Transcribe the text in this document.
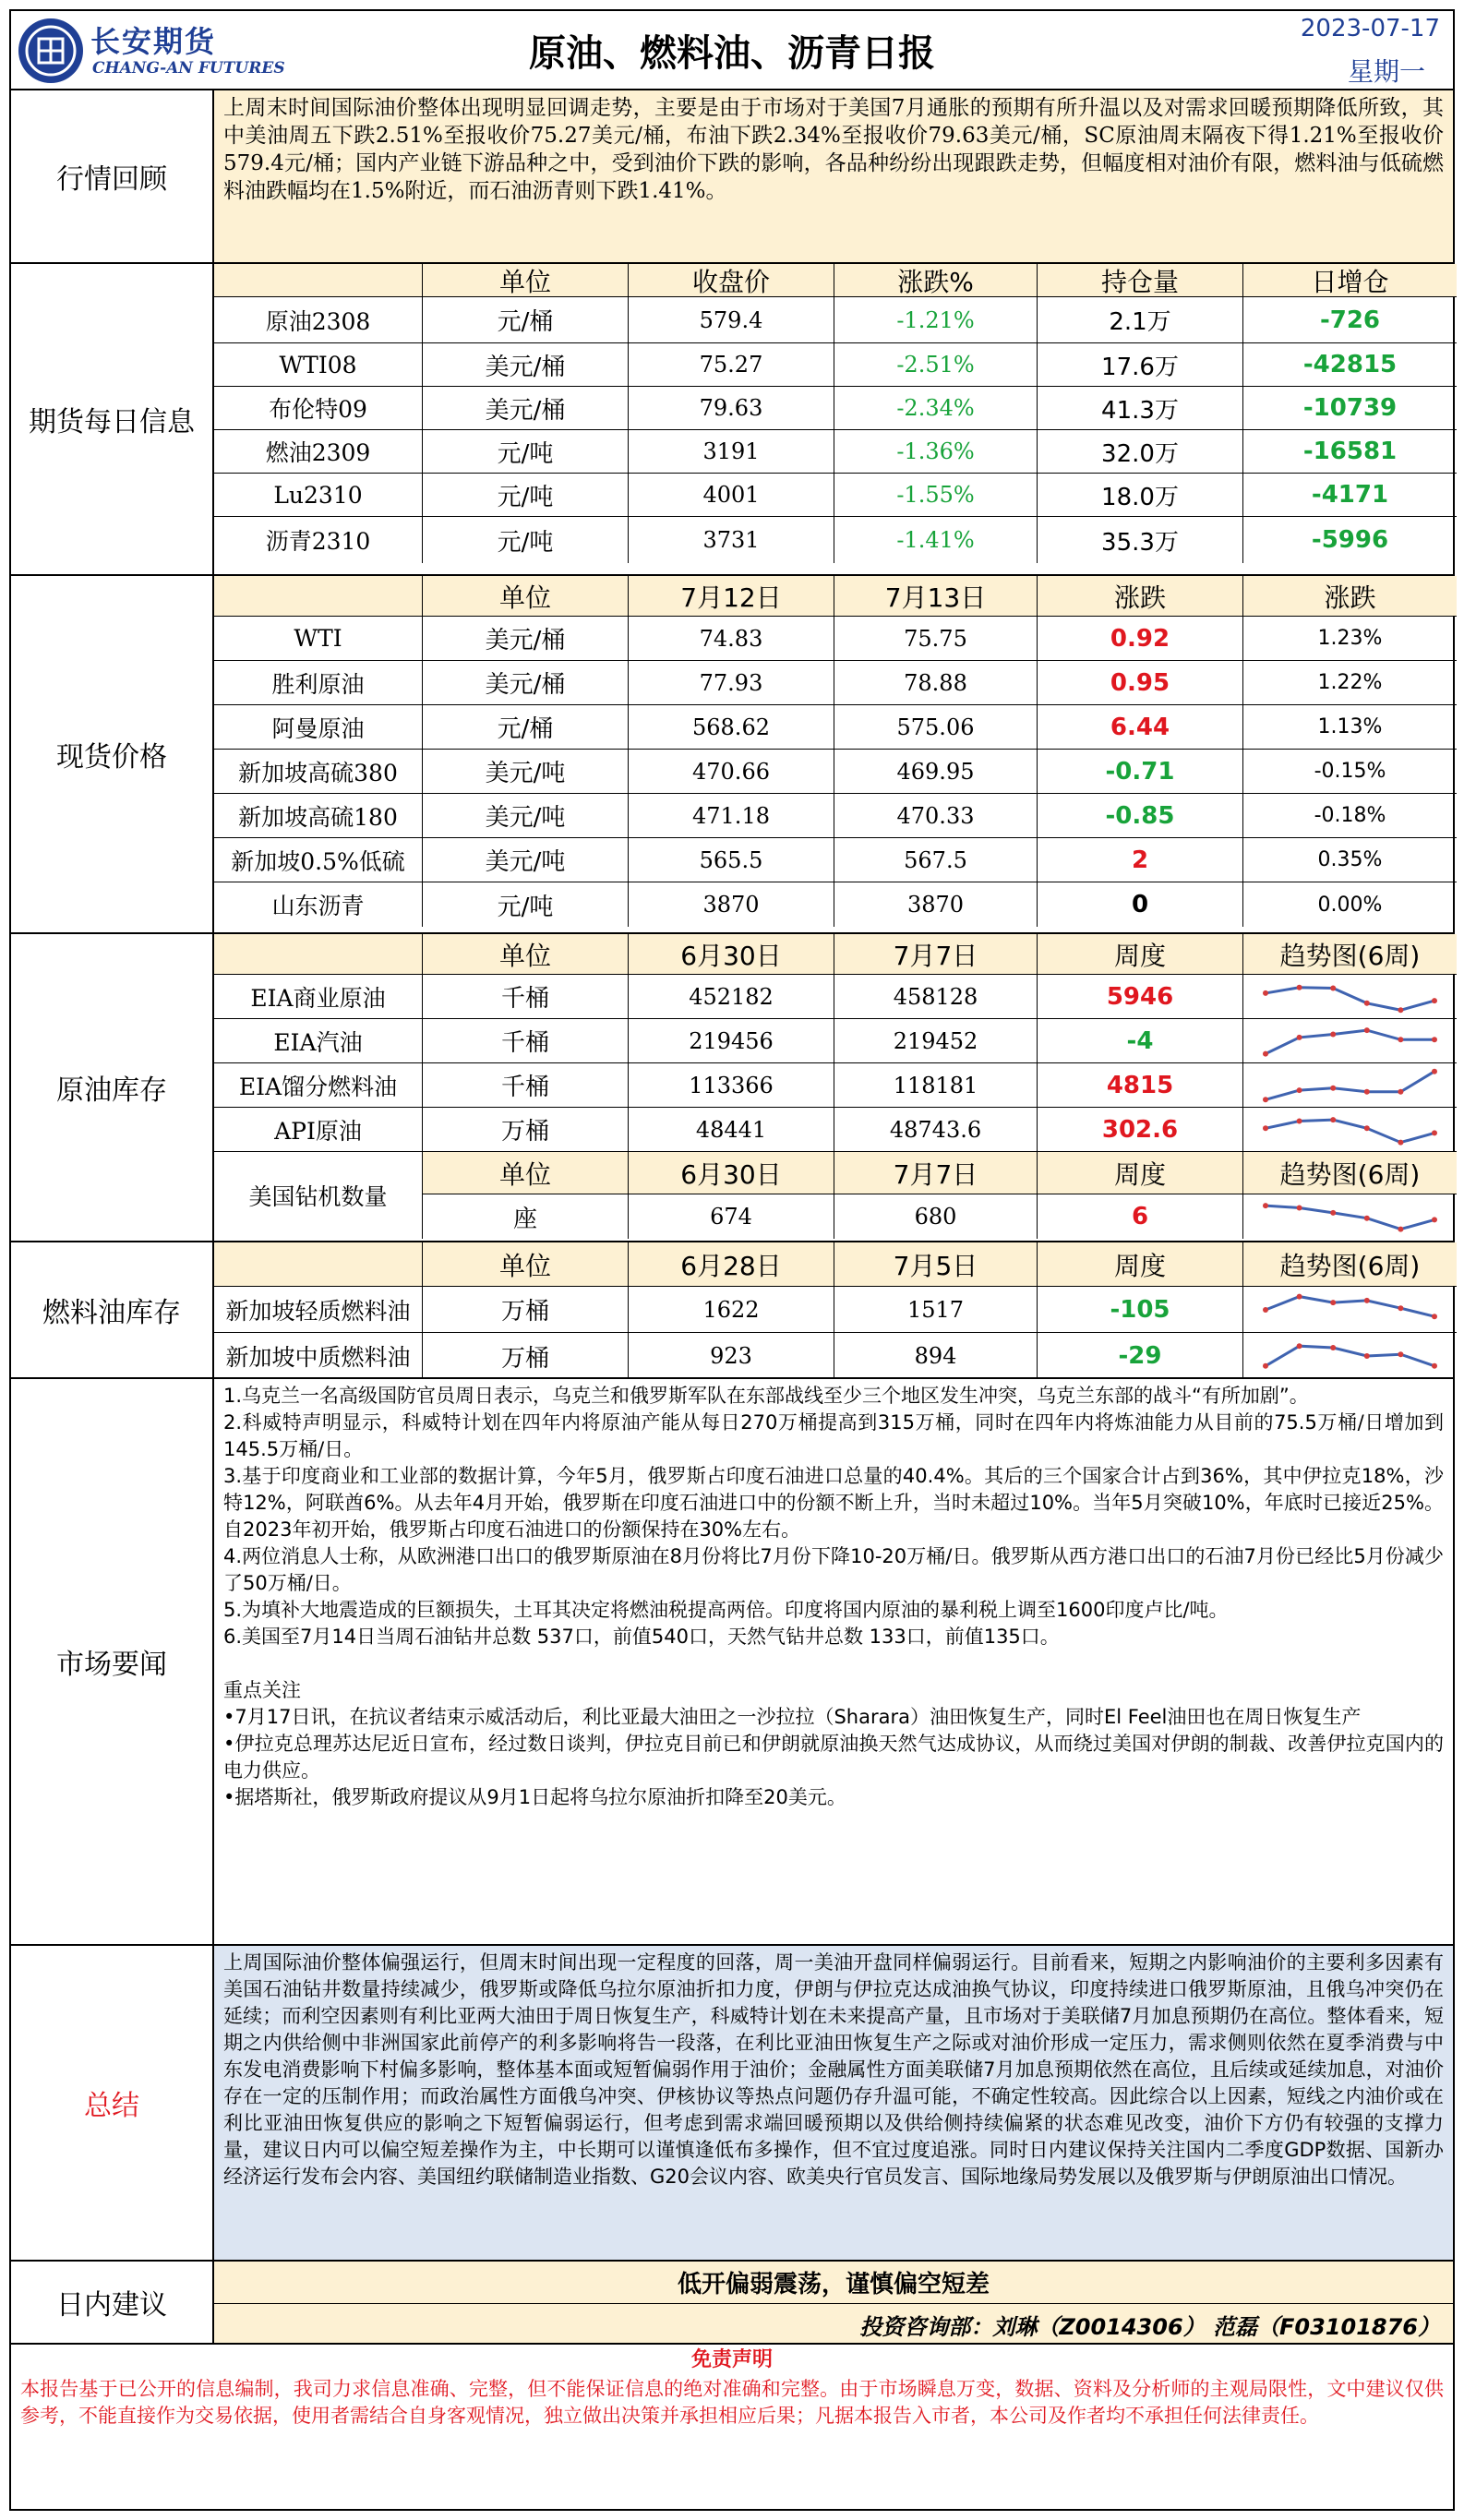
长安期货
CHANG-AN FUTURES	原油、燃料油、沥青日报
2023-07-17
星期一
行情回顾
上周末时间国际油价整体出现明显回调走势，主要是由于市场对于美国7月通胀的预期有所升温以及对需求回暖预期降低所致，其中美油周五下跌2.51%至报收价75.27美元/桶，布油下跌2.34%至报收价79.63美元/桶，SC原油周末隔夜下得1.21%至报收价579.4元/桶；国内产业链下游品种之中，受到油价下跌的影响，各品种纷纷出现跟跌走势，但幅度相对油价有限，燃料油与低硫燃料油跌幅均在1.5%附近，而石油沥青则下跌1.41%。
期货每日信息
单位	收盘价	涨跌%	持仓量	日增仓
原油2308	元/桶	579.4	-1.21%	2.1万	-726
WTI08	美元/桶	75.27	-2.51%	17.6万	-42815
布伦特09	美元/桶	79.63	-2.34%	41.3万	-10739
燃油2309	元/吨	3191	-1.36%	32.0万	-16581
Lu2310	元/吨	4001	-1.55%	18.0万	-4171
沥青2310	元/吨	3731	-1.41%	35.3万	-5996
现货价格
单位	7月12日	7月13日	涨跌	涨跌
WTI	美元/桶	74.83	75.75	0.92	1.23%
胜利原油	美元/桶	77.93	78.88	0.95	1.22%
阿曼原油	元/桶	568.62	575.06	6.44	1.13%
新加坡高硫380	美元/吨	470.66	469.95	-0.71	-0.15%
新加坡高硫180	美元/吨	471.18	470.33	-0.85	-0.18%
新加坡0.5%低硫	美元/吨	565.5	567.5	2	0.35%
山东沥青	元/吨	3870	3870	0	0.00%
原油库存
单位	6月30日	7月7日	周度	趋势图(6周)
EIA商业原油	千桶	452182	458128	5946
EIA汽油	千桶	219456	219452	-4
EIA馏分燃料油	千桶	113366	118181	4815
API原油	万桶	48441	48743.6	302.6
美国钻机数量
单位	6月30日	7月7日	周度	趋势图(6周)
座	674	680	6
燃料油库存
单位	6月28日	7月5日	周度	趋势图(6周)
新加坡轻质燃料油	万桶	1622	1517	-105
新加坡中质燃料油	万桶	923	894	-29
市场要闻
1.乌克兰一名高级国防官员周日表示，乌克兰和俄罗斯军队在东部战线至少三个地区发生冲突，乌克兰东部的战斗“有所加剧”。
2.科威特声明显示，科威特计划在四年内将原油产能从每日270万桶提高到315万桶，同时在四年内将炼油能力从目前的75.5万桶/日增加到145.5万桶/日。
3.基于印度商业和工业部的数据计算，今年5月，俄罗斯占印度石油进口总量的40.4%。其后的三个国家合计占到36%，其中伊拉克18%，沙特12%，阿联酋6%。从去年4月开始，俄罗斯在印度石油进口中的份额不断上升，当时未超过10%。当年5月突破10%，年底时已接近25%。自2023年初开始，俄罗斯占印度石油进口的份额保持在30%左右。
4.两位消息人士称，从欧洲港口出口的俄罗斯原油在8月份将比7月份下降10-20万桶/日。俄罗斯从西方港口出口的石油7月份已经比5月份减少了50万桶/日。
5.为填补大地震造成的巨额损失，土耳其决定将燃油税提高两倍。印度将国内原油的暴利税上调至1600印度卢比/吨。
6.美国至7月14日当周石油钻井总数 537口，前值540口，天然气钻井总数 133口，前值135口。
重点关注
•7月17日讯，在抗议者结束示威活动后，利比亚最大油田之一沙拉拉（Sharara）油田恢复生产，同时El Feel油田也在周日恢复生产
•伊拉克总理苏达尼近日宣布，经过数日谈判，伊拉克目前已和伊朗就原油换天然气达成协议，从而绕过美国对伊朗的制裁、改善伊拉克国内的电力供应。
•据塔斯社，俄罗斯政府提议从9月1日起将乌拉尔原油折扣降至20美元。
总结
上周国际油价整体偏强运行，但周末时间出现一定程度的回落，周一美油开盘同样偏弱运行。目前看来，短期之内影响油价的主要利多因素有美国石油钻井数量持续减少，俄罗斯或降低乌拉尔原油折扣力度，伊朗与伊拉克达成油换气协议，印度持续进口俄罗斯原油，且俄乌冲突仍在延续；而利空因素则有利比亚两大油田于周日恢复生产，科威特计划在未来提高产量，且市场对于美联储7月加息预期仍在高位。整体看来，短期之内供给侧中非洲国家此前停产的利多影响将告一段落，在利比亚油田恢复生产之际或对油价形成一定压力，需求侧则依然在夏季消费与中东发电消费影响下村偏多影响，整体基本面或短暂偏弱作用于油价；金融属性方面美联储7月加息预期依然在高位，且后续或延续加息，对油价存在一定的压制作用；而政治属性方面俄乌冲突、伊核协议等热点问题仍存升温可能，不确定性较高。因此综合以上因素，短线之内油价或在利比亚油田恢复供应的影响之下短暂偏弱运行，但考虑到需求端回暖预期以及供给侧持续偏紧的状态难见改变，油价下方仍有较强的支撑力量，建议日内可以偏空短差操作为主，中长期可以谨慎逢低布多操作，但不宜过度追涨。同时日内建议保持关注国内二季度GDP数据、国新办经济运行发布会内容、美国纽约联储制造业指数、G20会议内容、欧美央行官员发言、国际地缘局势发展以及俄罗斯与伊朗原油出口情况。
日内建议
低开偏弱震荡，谨慎偏空短差
投资咨询部：刘琳（Z0014306） 范磊（F03101876）
免责声明
本报告基于已公开的信息编制，我司力求信息准确、完整，但不能保证信息的绝对准确和完整。由于市场瞬息万变，数据、资料及分析师的主观局限性，文中建议仅供参考，不能直接作为交易依据，使用者需结合自身客观情况，独立做出决策并承担相应后果；凡据本报告入市者，本公司及作者均不承担任何法律责任。
